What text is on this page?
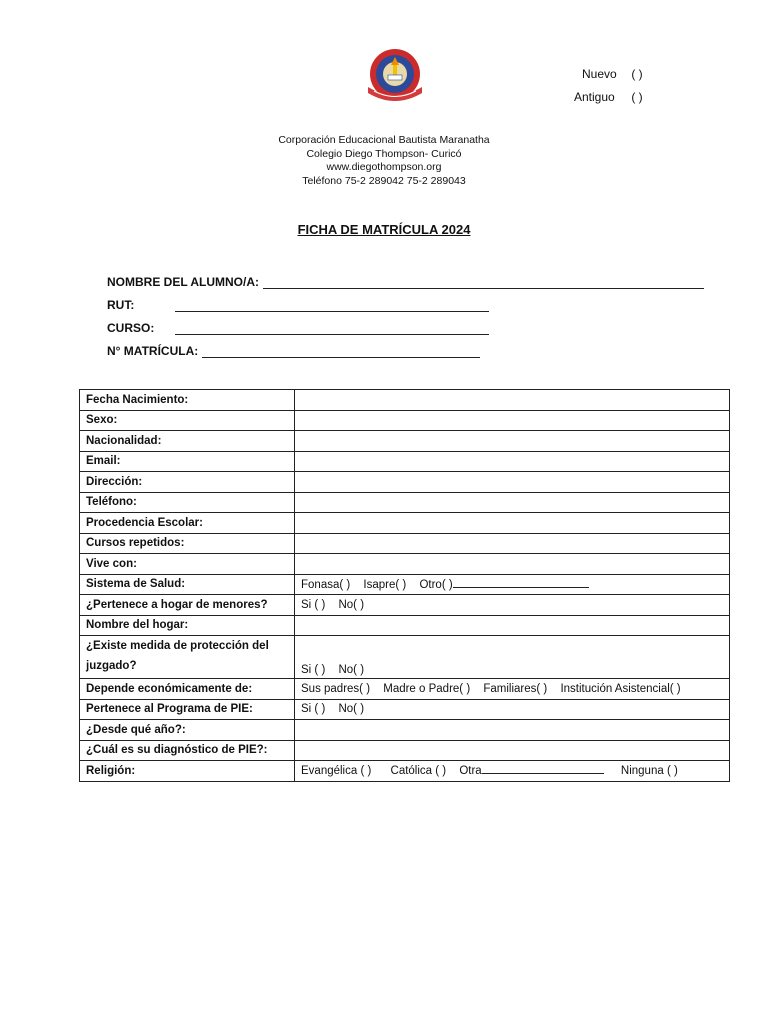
Nuevo ( )
Antiguo ( )
Corporación Educacional Bautista Maranatha
Colegio Diego Thompson- Curicó
www.diegothompson.org
Teléfono 75-2 289042 75-2 289043
FICHA DE MATRÍCULA 2024
NOMBRE DEL ALUMNO/A:
RUT:
CURSO:
N° MATRÍCULA:
Fecha Nacimiento:	
Sexo:	
Nacionalidad:	
Email:	
Dirección:	
Teléfono:	
Procedencia Escolar:	
Cursos repetidos:	
Vive con:	
Sistema de Salud:	Fonasa( ) Isapre( ) Otro( )
¿Pertenece a hogar de menores?	Si ( ) No( )
Nombre del hogar:	
¿Existe medida de protección del juzgado?	Si ( ) No( )
Depende económicamente de:	Sus padres( ) Madre o Padre( ) Familiares( ) Institución Asistencial( )
Pertenece al Programa de PIE:	Si ( ) No( )
¿Desde qué año?:	
¿Cuál es su diagnóstico de PIE?:	
Religión:	Evangélica ( ) Católica ( ) Otra Ninguna ( )
